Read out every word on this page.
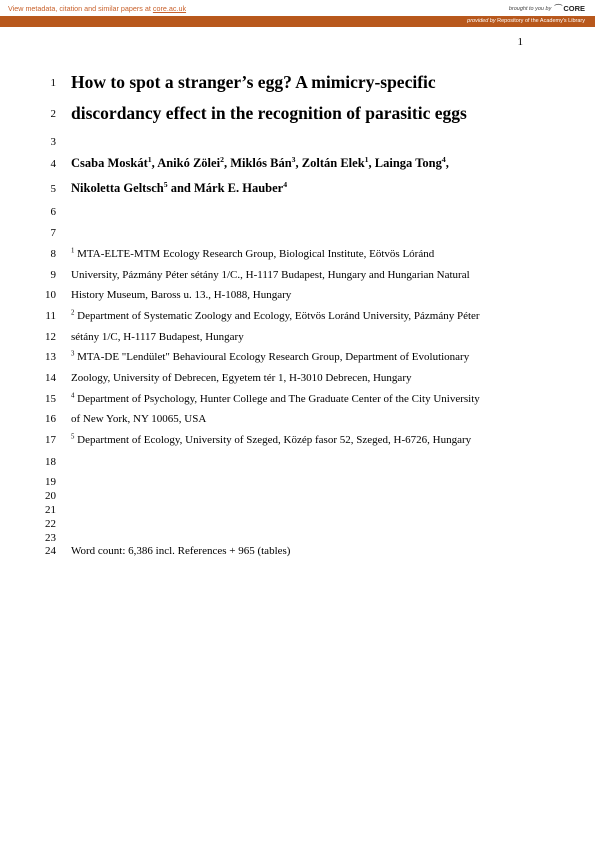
View metadata, citation and similar papers at core.ac.uk	brought to you by ⌒ CORE
provided by Repository of the Academy's Library
1
1
2
3
4
5
6
7
8
9
10
11
12
13
14
15
16
17
18
19
20
21
22
23
24
How to spot a stranger’s egg? A mimicry-specific
discordancy effect in the recognition of parasitic eggs
Csaba Moskát$^1$, Anikó Zölei$^2$, Miklós Bán$^3$, Zoltán Elek$^1$, Lainga Tong$^4$,
Nikoletta Geltsch$^5$ and Márk E. Hauber$^4$
$^1$ MTA-ELTE-MTM Ecology Research Group, Biological Institute, Eötvös Lóránd
University, Pázmány Péter sétány 1/C., H-1117 Budapest, Hungary and Hungarian Natural
History Museum, Baross u. 13., H-1088, Hungary
$^2$ Department of Systematic Zoology and Ecology, Eötvös Loránd University, Pázmány Péter
sétány 1/C, H-1117 Budapest, Hungary
$^3$ MTA-DE "Lendület" Behavioural Ecology Research Group, Department of Evolutionary
Zoology, University of Debrecen, Egyetem tér 1, H-3010 Debrecen, Hungary
$^4$ Department of Psychology, Hunter College and The Graduate Center of the City University
of New York, NY 10065, USA
$^5$ Department of Ecology, University of Szeged, Közép fasor 52, Szeged, H-6726, Hungary
Word count: 6,386 incl. References + 965 (tables)
